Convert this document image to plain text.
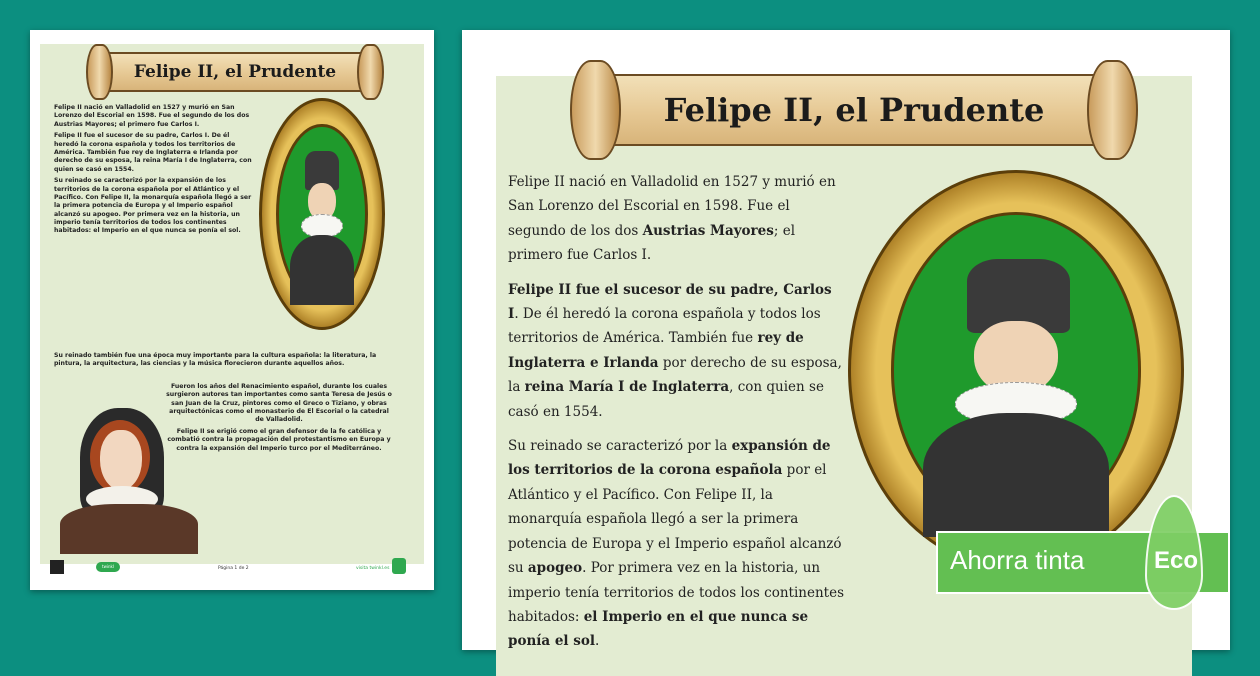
Felipe II, el Prudente

Felipe II nació en Valladolid en 1527 y murió en San Lorenzo del Escorial en 1598. Fue el segundo de los dos Austrias Mayores; el primero fue Carlos I.

Felipe II fue el sucesor de su padre, Carlos I. De él heredó la corona española y todos los territorios de América. También fue rey de Inglaterra e Irlanda por derecho de su esposa, la reina María I de Inglaterra, con quien se casó en 1554.

Su reinado se caracterizó por la expansión de los territorios de la corona española por el Atlántico y el Pacífico. Con Felipe II, la monarquía española llegó a ser la primera potencia de Europa y el Imperio español alcanzó su apogeo. Por primera vez en la historia, un imperio tenía territorios de todos los continentes habitados: el Imperio en el que nunca se ponía el sol.

Su reinado también fue una época muy importante para la cultura española: la literatura, la pintura, la arquitectura, las ciencias y la música florecieron durante aquellos años.

Fueron los años del Renacimiento español, durante los cuales surgieron autores tan importantes como santa Teresa de Jesús o san Juan de la Cruz, pintores como el Greco o Tiziano, y obras arquitectónicas como el monasterio de El Escorial o la catedral de Valladolid.

Felipe II se erigió como el gran defensor de la fe católica y combatió contra la propagación del protestantismo en Europa y contra la expansión del Imperio turco por el Mediterráneo.

twinkl	Página 1 de 2	visita twinkl.es
Felipe II, el Prudente

Felipe II nació en Valladolid en 1527 y murió en San Lorenzo del Escorial en 1598. Fue el segundo de los dos Austrias Mayores; el primero fue Carlos I.

Felipe II fue el sucesor de su padre, Carlos I. De él heredó la corona española y todos los territorios de América. También fue rey de Inglaterra e Irlanda por derecho de su esposa, la reina María I de Inglaterra, con quien se casó en 1554.

Su reinado se caracterizó por la expansión de los territorios de la corona española por el Atlántico y el Pacífico. Con Felipe II, la monarquía española llegó a ser la primera potencia de Europa y el Imperio español alcanzó su apogeo. Por primera vez en la historia, un imperio tenía territorios de todos los continentes habitados: el Imperio en el que nunca se ponía el sol.

Ahorra tinta	Eco
